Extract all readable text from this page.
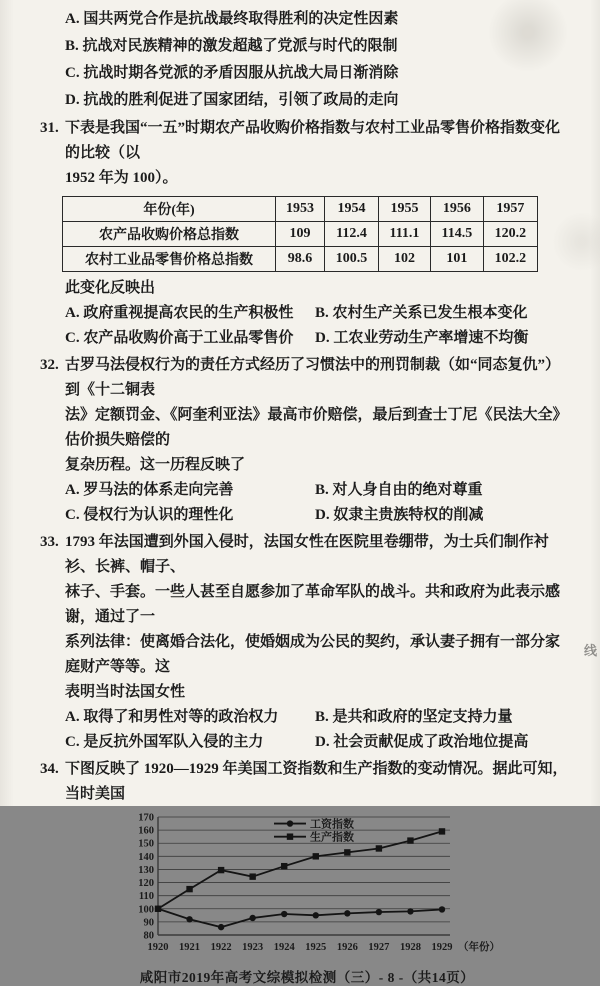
A. 国共两党合作是抗战最终取得胜利的决定性因素
B. 抗战对民族精神的激发超越了党派与时代的限制
C. 抗战时期各党派的矛盾因服从抗战大局日渐消除
D. 抗战的胜利促进了国家团结，引领了政局的走向
31. 下表是我国“一五”时期农产品收购价格指数与农村工业品零售价格指数变化的比较（以
1952 年为 100）。
年份(年)	1953	1954	1955	1956	1957
农产品收购价格总指数	109	112.4	111.1	114.5	120.2
农村工业品零售价格总指数	98.6	100.5	102	101	102.2
此变化反映出
A. 政府重视提高农民的生产积极性	B. 农村生产关系已发生根本变化
C. 农产品收购价高于工业品零售价	D. 工农业劳动生产率增速不均衡
32. 古罗马法侵权行为的责任方式经历了习惯法中的刑罚制裁（如“同态复仇”）到《十二铜表
法》定额罚金、《阿奎利亚法》最高市价赔偿，最后到查士丁尼《民法大全》估价损失赔偿的
复杂历程。这一历程反映了
A. 罗马法的体系走向完善	B. 对人身自由的绝对尊重
C. 侵权行为认识的理性化	D. 奴隶主贵族特权的削减
33. 1793 年法国遭到外国入侵时，法国女性在医院里卷绷带，为士兵们制作衬衫、长裤、帽子、
袜子、手套。一些人甚至自愿参加了革命军队的战斗。共和政府为此表示感谢，通过了一
系列法律：使离婚合法化，使婚姻成为公民的契约，承认妻子拥有一部分家庭财产等等。这
表明当时法国女性
A. 取得了和男性对等的政治权力	B. 是共和政府的坚定支持力量
C. 是反抗外国军队入侵的主力	D. 社会贡献促成了政治地位提高
34. 下图反映了 1920—1929 年美国工资指数和生产指数的变动情况。据此可知，当时美国
80
90
100
110
120
130
140
150
160
170
1920 1921 1922 1923 1924 1925 1926 1927 1928 1929 （年份）
工资指数
生产指数
咸阳市2019年高考文综模拟检测（三）- 8 -（共14页）
线
